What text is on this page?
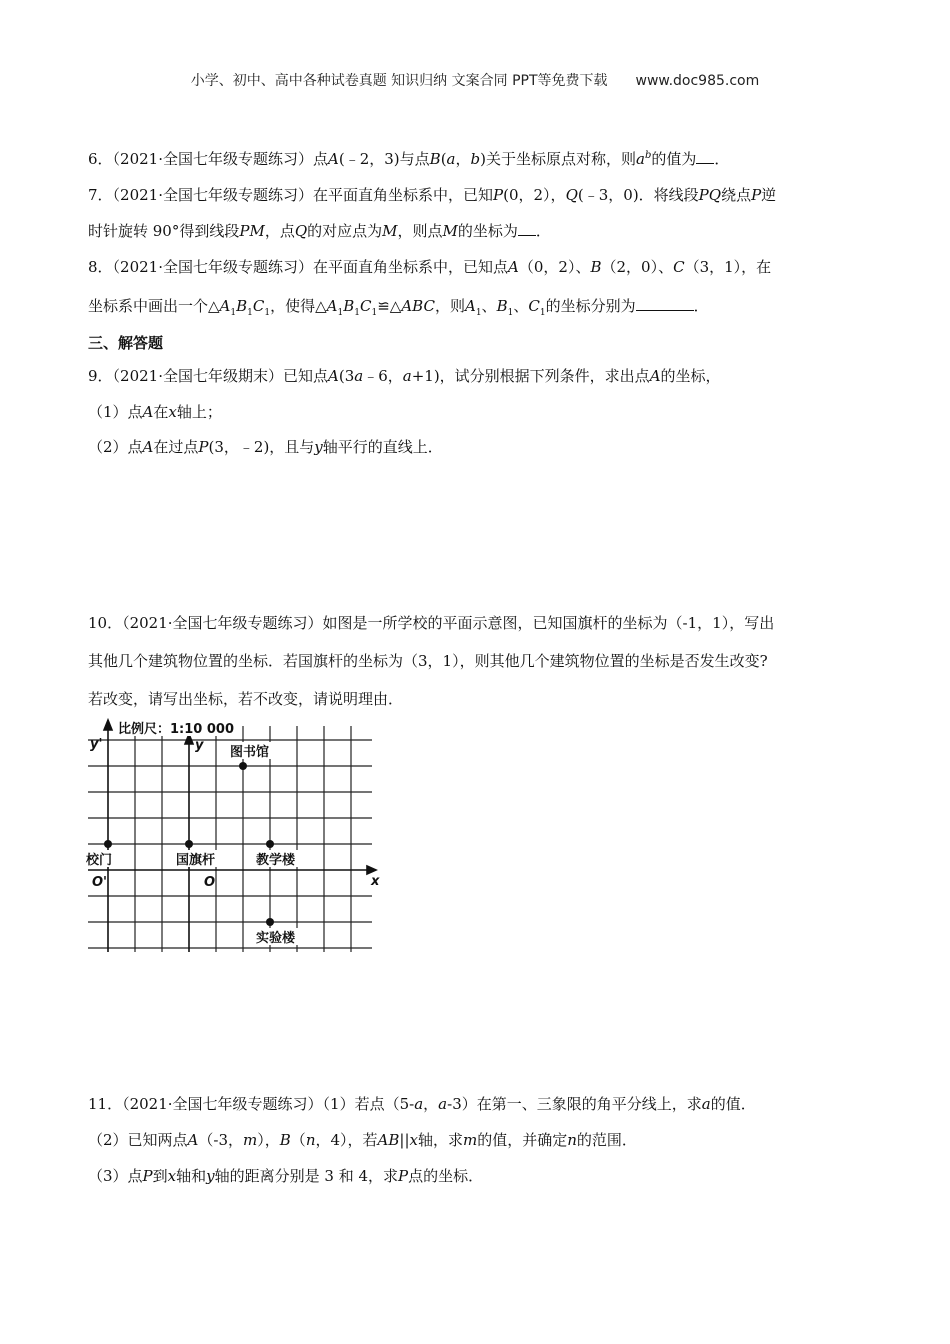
小学、初中、高中各种试卷真题 知识归纳 文案合同 PPT等免费下载 www.doc985.com
6．（2021·全国七年级专题练习）点A(﹣2，3)与点B(a，b)关于坐标原点对称，则$a^b$的值为 ．
7．（2021·全国七年级专题练习）在平面直角坐标系中，已知P(0，2），Q(﹣3，0)．将线段PQ绕点P逆
时针旋转 90°得到线段PM，点Q的对应点为M，则点M的坐标为 ．
8．（2021·全国七年级专题练习）在平面直角坐标系中，已知点A（0，2）、B（2，0）、C（3，1），在
坐标系中画出一个$\triangle A_1B_1C_1$，使得$\triangle A_1B_1C_1≌\triangle ABC$，则$A_1$、$B_1$、$C_1$的坐标分别为	．
三、解答题
9．（2021·全国七年级期末）已知点A(3a﹣6，a+1)，试分别根据下列条件，求出点A的坐标，
（1）点A在x轴上；
（2）点A在过点P(3，﹣2)，且与y轴平行的直线上．
10．（2021·全国七年级专题练习）如图是一所学校的平面示意图，已知国旗杆的坐标为（-1，1），写出
其他几个建筑物位置的坐标．若国旗杆的坐标为（3，1），则其他几个建筑物位置的坐标是否发生改变?
若改变，请写出坐标，若不改变，请说明理由．
比例尺：1:10 000
y'	y
x
O'	O
图书馆
校门	国旗杆	教学楼
实验楼
11．（2021·全国七年级专题练习）（1）若点（5-a，a-3）在第一、三象限的角平分线上，求a的值．
（2）已知两点A（-3，m），B（n，4），若AB||x轴，求m的值，并确定n的范围．
（3）点P到x轴和y轴的距离分别是 3 和 4，求P点的坐标．
